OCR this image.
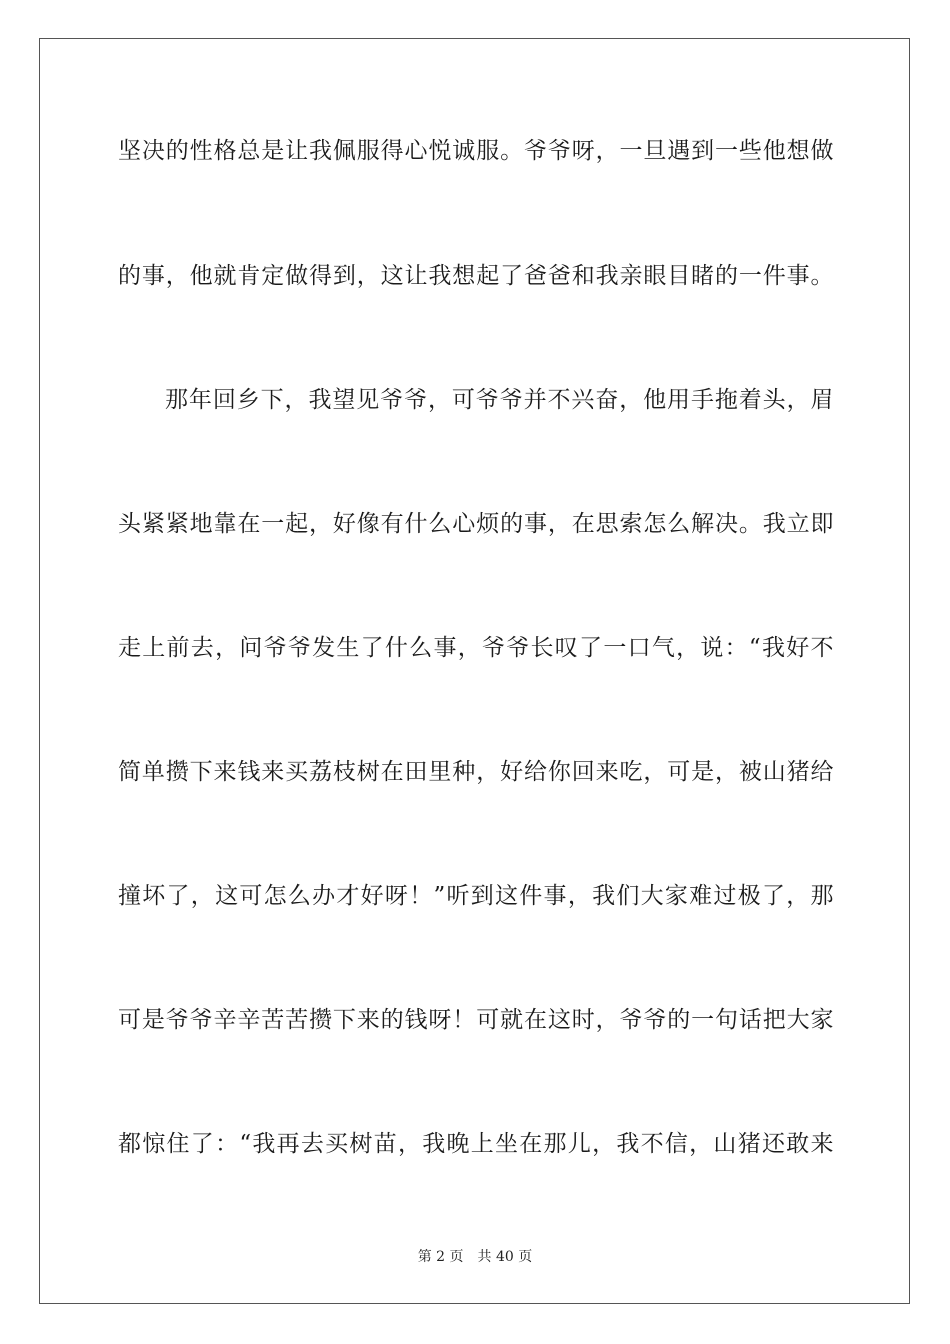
坚决的性格总是让我佩服得心悦诚服。爷爷呀，一旦遇到一些他想做
的事，他就肯定做得到，这让我想起了爸爸和我亲眼目睹的一件事。
那年回乡下，我望见爷爷，可爷爷并不兴奋，他用手拖着头，眉
头紧紧地靠在一起，好像有什么心烦的事，在思索怎么解决。我立即
走上前去，问爷爷发生了什么事，爷爷长叹了一口气，说：“我好不
简单攒下来钱来买荔枝树在田里种，好给你回来吃，可是，被山猪给
撞坏了，这可怎么办才好呀！”听到这件事，我们大家难过极了，那
可是爷爷辛辛苦苦攒下来的钱呀！可就在这时，爷爷的一句话把大家
都惊住了：“我再去买树苗，我晚上坐在那儿，我不信，山猪还敢来
第 2 页 共 40 页
